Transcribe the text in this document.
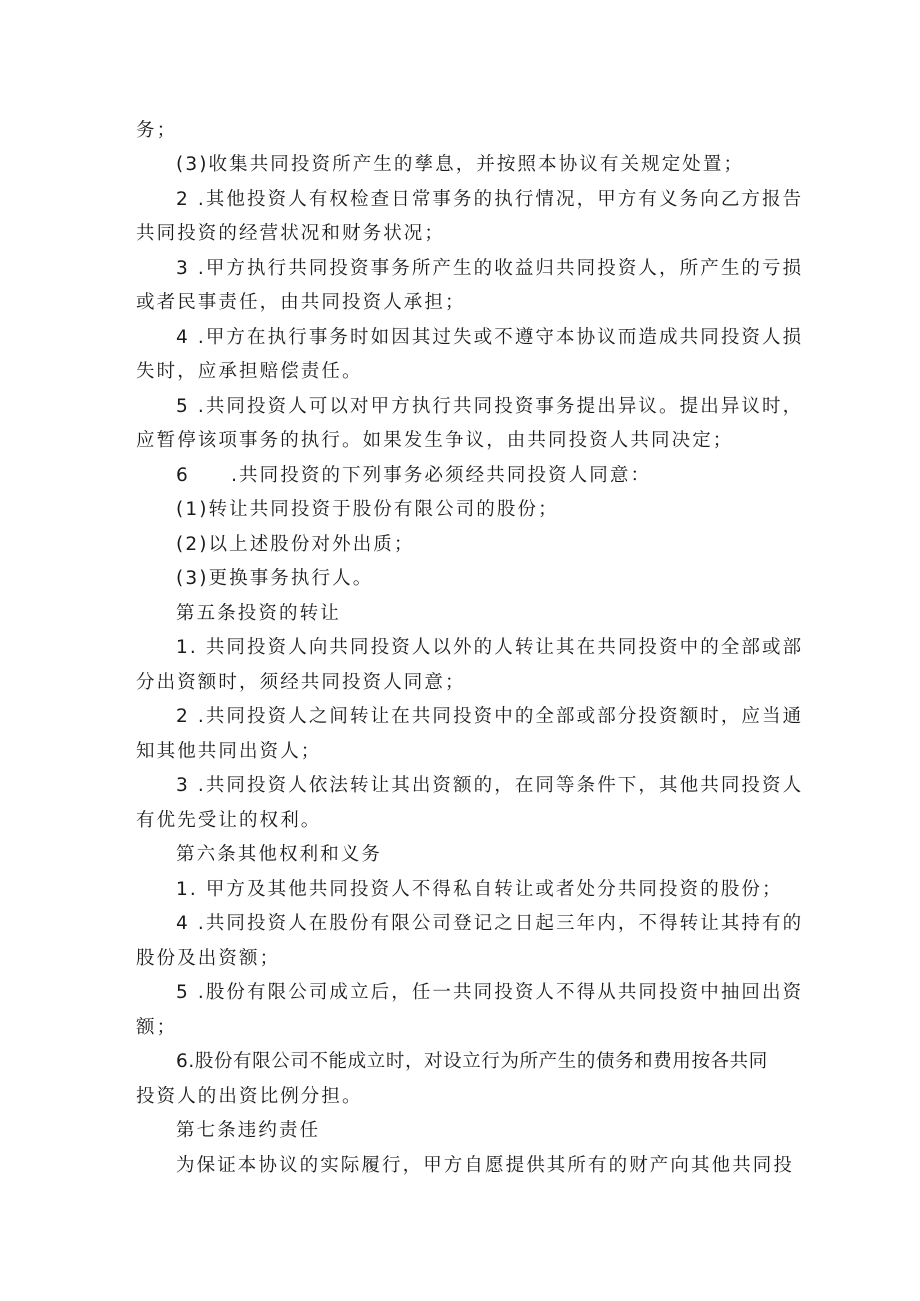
务；
(3)收集共同投资所产生的孳息，并按照本协议有关规定处置；
2 .其他投资人有权检查日常事务的执行情况，甲方有义务向乙方报告
共同投资的经营状况和财务状况；
3 .甲方执行共同投资事务所产生的收益归共同投资人，所产生的亏损
或者民事责任，由共同投资人承担；
4 .甲方在执行事务时如因其过失或不遵守本协议而造成共同投资人损
失时，应承担赔偿责任。
5 .共同投资人可以对甲方执行共同投资事务提出异议。提出异议时，
应暂停该项事务的执行。如果发生争议，由共同投资人共同决定；
6　　.共同投资的下列事务必须经共同投资人同意：
(1)转让共同投资于股份有限公司的股份；
(2)以上述股份对外出质；
(3)更换事务执行人。
第五条投资的转让
1. 共同投资人向共同投资人以外的人转让其在共同投资中的全部或部
分出资额时，须经共同投资人同意；
2 .共同投资人之间转让在共同投资中的全部或部分投资额时，应当通
知其他共同出资人；
3 .共同投资人依法转让其出资额的，在同等条件下，其他共同投资人
有优先受让的权利。
第六条其他权利和义务
1. 甲方及其他共同投资人不得私自转让或者处分共同投资的股份；
4 .共同投资人在股份有限公司登记之日起三年内，不得转让其持有的
股份及出资额；
5 .股份有限公司成立后，任一共同投资人不得从共同投资中抽回出资
额；
6.股份有限公司不能成立时，对设立行为所产生的债务和费用按各共同
投资人的出资比例分担。
第七条违约责任
为保证本协议的实际履行，甲方自愿提供其所有的财产向其他共同投
